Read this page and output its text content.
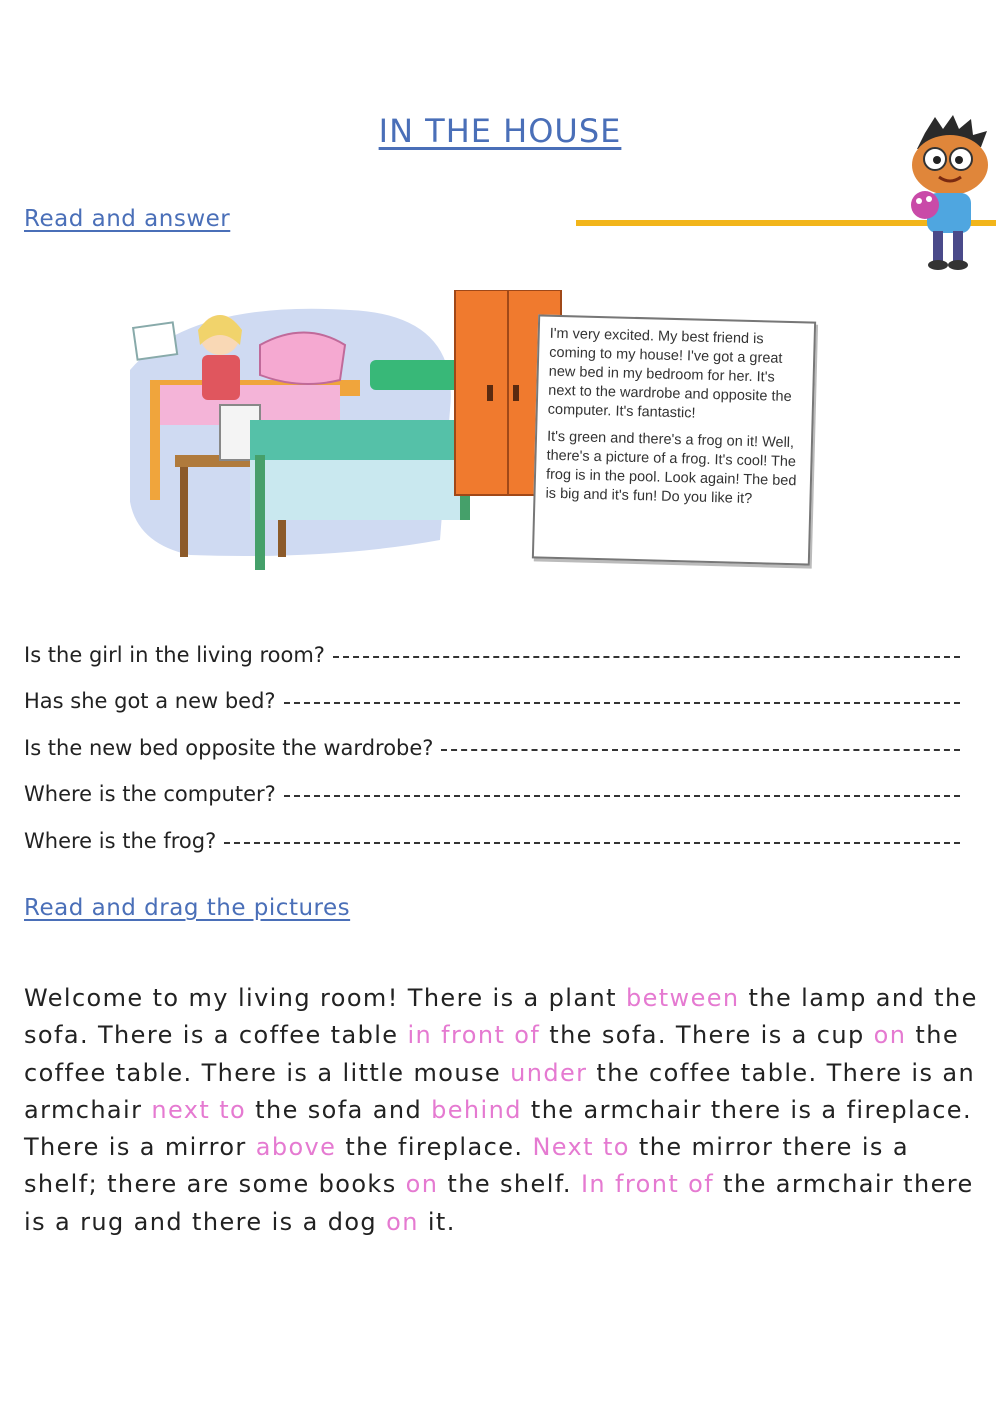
IN THE HOUSE
Read and answer

I'm very excited. My best friend is coming to my house! I've got a great new bed in my bedroom for her. It's next to the wardrobe and opposite the computer. It's fantastic!

It's green and there's a frog on it! Well, there's a picture of a frog. It's cool! The frog is in the pool. Look again! The bed is big and it's fun! Do you like it?

Is the girl in the living room?
Has she got a new bed?
Is the new bed opposite the wardrobe?
Where is the computer?
Where is the frog?
Read and drag the pictures
Welcome to my living room! There is a plant between the lamp and the sofa. There is a coffee table in front of the sofa. There is a cup on the coffee table. There is a little mouse under the coffee table. There is an armchair next to the sofa and behind the armchair there is a fireplace. There is a mirror above the fireplace. Next to the mirror there is a shelf; there are some books on the shelf. In front of the armchair there is a rug and there is a dog on it.
